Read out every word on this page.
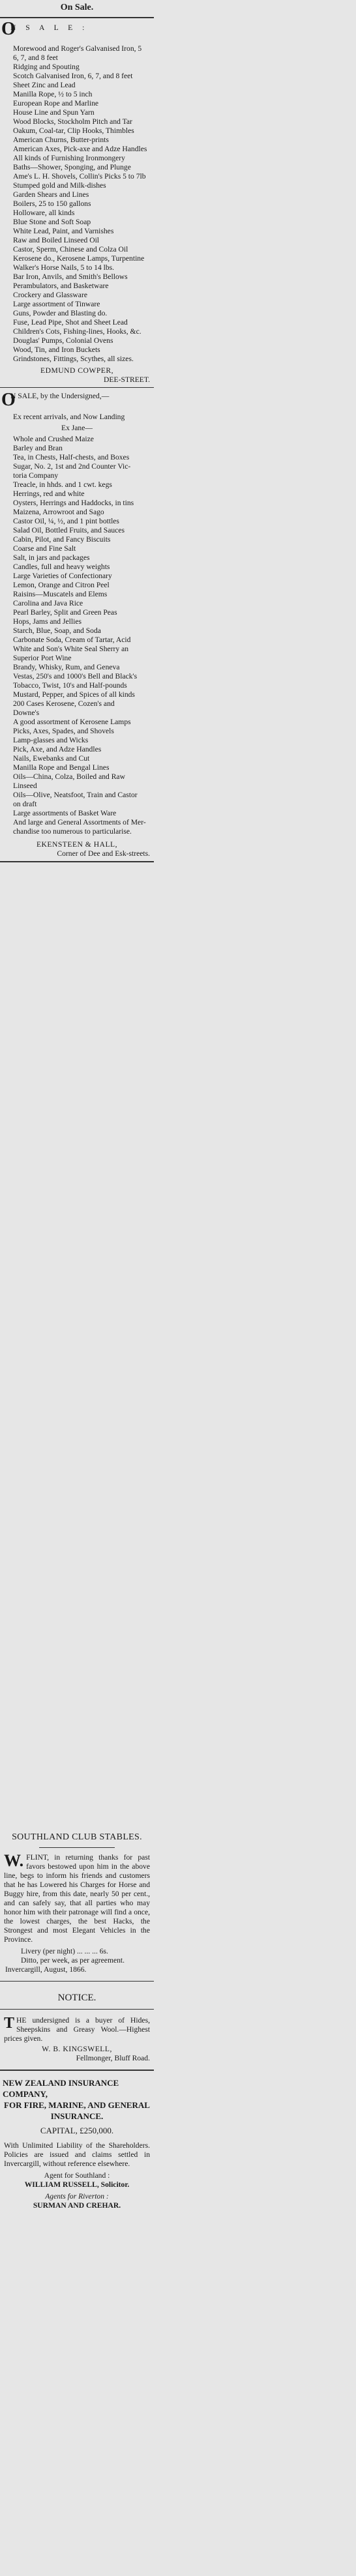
On Sale.
O
N S A L E :
Morewood and Roger's Galvanised Iron, 5
6, 7, and 8 feet
Ridging and Spouting
Scotch Galvanised Iron, 6, 7, and 8 feet
Sheet Zinc and Lead
Manilla Rope, ½ to 5 inch
European Rope and Marline
House Line and Spun Yarn
Wood Blocks, Stockholm Pitch and Tar
Oakum, Coal-tar, Clip Hooks, Thimbles
American Churns, Butter-prints
American Axes, Pick-axe and Adze Handles
All kinds of Furnishing Ironmongery
Baths—Shower, Sponging, and Plunge
Ame's L. H. Shovels, Collin's Picks 5 to 7lb
Stumped gold and Milk-dishes
Garden Shears and Lines
Boilers, 25 to 150 gallons
Holloware, all kinds
Blue Stone and Soft Soap
White Lead, Paint, and Varnishes
Raw and Boiled Linseed Oil
Castor, Sperm, Chinese and Colza Oil
Kerosene do., Kerosene Lamps, Turpentine
Walker's Horse Nails, 5 to 14 lbs.
Bar Iron, Anvils, and Smith's Bellows
Perambulators, and Basketware
Crockery and Glassware
Large assortment of Tinware
Guns, Powder and Blasting do.
Fuse, Lead Pipe, Shot and Sheet Lead
Children's Cots, Fishing-lines, Hooks, &c.
Douglas' Pumps, Colonial Ovens
Wood, Tin, and Iron Buckets
Grindstones, Fittings, Scythes, all sizes.
EDMUND COWPER,
DEE-STREET.
O
N SALE, by the Undersigned,—
Ex recent arrivals, and Now Landing
Ex Jane—
Whole and Crushed Maize
Barley and Bran
Tea, in Chests, Half-chests, and Boxes
Sugar, No. 2, 1st and 2nd Counter Vic-
toria Company
Treacle, in hhds. and 1 cwt. kegs
Herrings, red and white
Oysters, Herrings and Haddocks, in tins
Maizena, Arrowroot and Sago
Castor Oil, ¼, ½, and 1 pint bottles
Salad Oil, Bottled Fruits, and Sauces
Cabin, Pilot, and Fancy Biscuits
Coarse and Fine Salt
Salt, in jars and packages
Candles, full and heavy weights
Large Varieties of Confectionary
Lemon, Orange and Citron Peel
Raisins—Muscatels and Elems
Carolina and Java Rice
Pearl Barley, Split and Green Peas
Hops, Jams and Jellies
Starch, Blue, Soap, and Soda
Carbonate Soda, Cream of Tartar, Acid
White and Son's White Seal Sherry an
Superior Port Wine
Brandy, Whisky, Rum, and Geneva
Vestas, 250's and 1000's Bell and Black's
Tobacco, Twist, 10's and Half-pounds
Mustard, Pepper, and Spices of all kinds
200 Cases Kerosene, Cozen's and
Downe's
A good assortment of Kerosene Lamps
Picks, Axes, Spades, and Shovels
Lamp-glasses and Wicks
Pick, Axe, and Adze Handles
Nails, Ewebanks and Cut
Manilla Rope and Bengal Lines
Oils—China, Colza, Boiled and Raw
Linseed
Oils—Olive, Neatsfoot, Train and Castor
on draft
Large assortments of Basket Ware
And large and General Assortments of Mer-
chandise too numerous to particularise.
EKENSTEEN & HALL,
Corner of Dee and Esk-streets.
SOUTHLAND CLUB STABLES.
W. FLINT, in returning thanks for past favors bestowed upon him in the above line, begs to inform his friends and customers that he has Lowered his Charges for Horse and Buggy hire, from this date, nearly 50 per cent., and can safely say, that all parties who may honor him with their patronage will find a once, the lowest charges, the best Hacks, the Strongest and most Elegant Vehicles in the Province.
Livery (per night) ... ... ... 6s.
Ditto, per week, as per agreement.
Invercargill, August, 1866.
NOTICE.
T HE undersigned is a buyer of Hides, Sheepskins and Greasy Wool.—Highest prices given.
W. B. KINGSWELL,
Fellmonger, Bluff Road.
NEW ZEALAND INSURANCE COMPANY,
FOR FIRE, MARINE, AND GENERAL
INSURANCE.
CAPITAL, £250,000.
With Unlimited Liability of the Shareholders. Policies are issued and claims settled in Invercargill, without reference elsewhere.
Agent for Southland :
WILLIAM RUSSELL, Solicitor.
Agents for Riverton :
SURMAN AND CREHAR.
